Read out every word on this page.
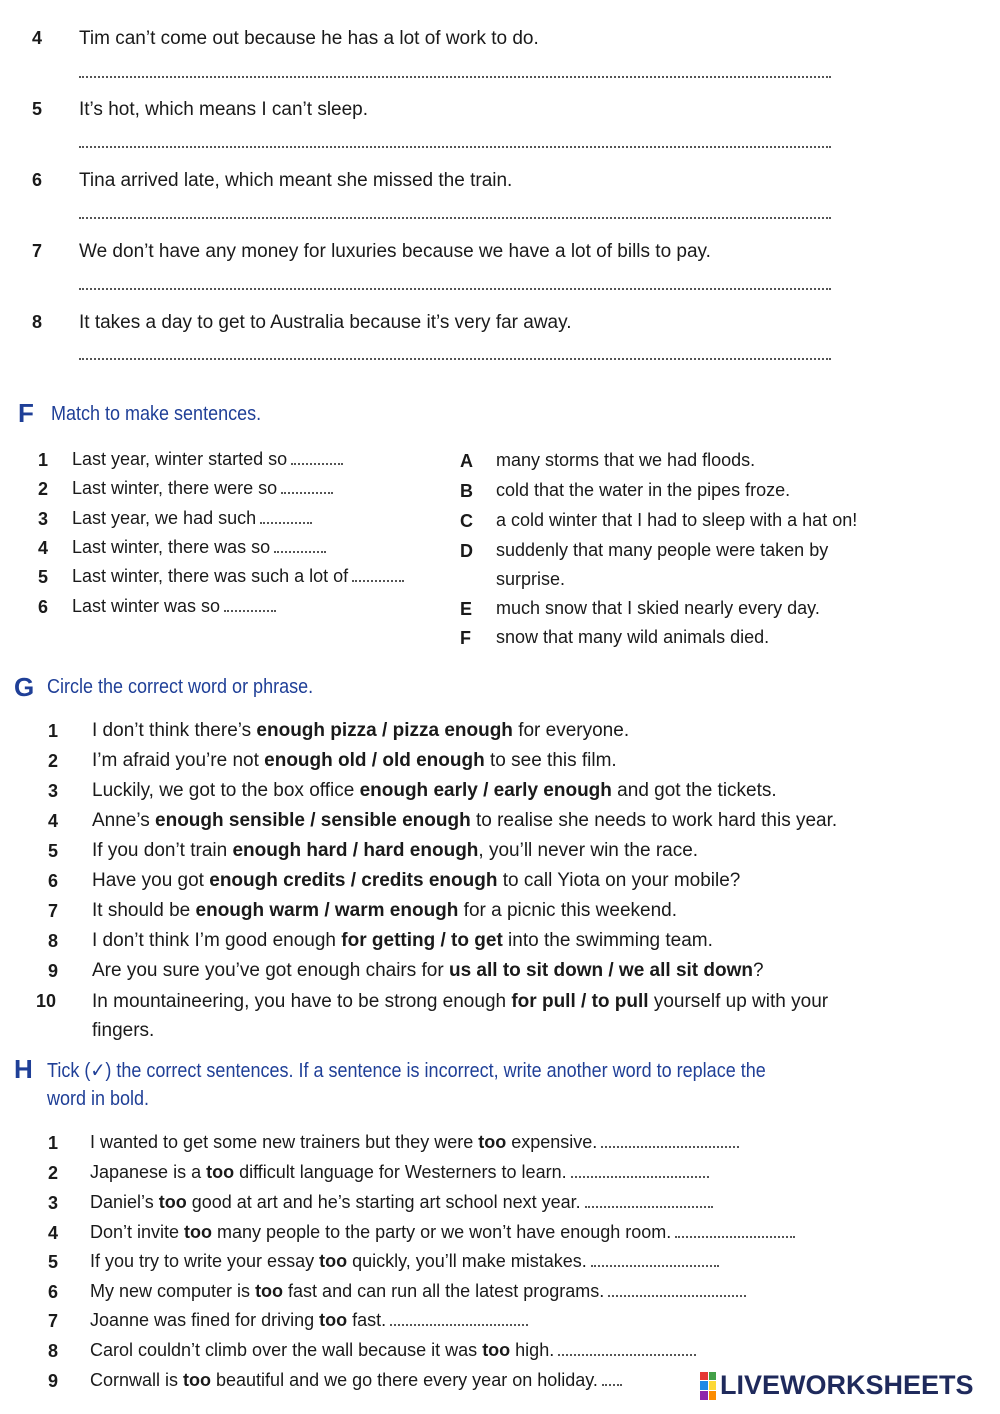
4 Tim can’t come out because he has a lot of work to do.
5 It’s hot, which means I can’t sleep.
6 Tina arrived late, which meant she missed the train.
7 We don’t have any money for luxuries because we have a lot of bills to pay.
8 It takes a day to get to Australia because it’s very far away.
F Match to make sentences.
1 Last year, winter started so
2 Last winter, there were so
3 Last year, we had such
4 Last winter, there was so
5 Last winter, there was such a lot of
6 Last winter was so
A many storms that we had floods.
B cold that the water in the pipes froze.
C a cold winter that I had to sleep with a hat on!
D suddenly that many people were taken by
surprise.
E much snow that I skied nearly every day.
F snow that many wild animals died.
G Circle the correct word or phrase.
1 I don’t think there’s enough pizza / pizza enough for everyone.
2 I’m afraid you’re not enough old / old enough to see this film.
3 Luckily, we got to the box office enough early / early enough and got the tickets.
4 Anne’s enough sensible / sensible enough to realise she needs to work hard this year.
5 If you don’t train enough hard / hard enough, you’ll never win the race.
6 Have you got enough credits / credits enough to call Yiota on your mobile?
7 It should be enough warm / warm enough for a picnic this weekend.
8 I don’t think I’m good enough for getting / to get into the swimming team.
9 Are you sure you’ve got enough chairs for us all to sit down / we all sit down?
10 In mountaineering, you have to be strong enough for pull / to pull yourself up with your
fingers.
H Tick (✓) the correct sentences. If a sentence is incorrect, write another word to replace the
word in bold.
1 I wanted to get some new trainers but they were too expensive.
2 Japanese is a too difficult language for Westerners to learn.
3 Daniel’s too good at art and he’s starting art school next year.
4 Don’t invite too many people to the party or we won’t have enough room.
5 If you try to write your essay too quickly, you’ll make mistakes.
6 My new computer is too fast and can run all the latest programs.
7 Joanne was fined for driving too fast.
8 Carol couldn’t climb over the wall because it was too high.
9 Cornwall is too beautiful and we go there every year on holiday.	LIVEWORKSHEETS
